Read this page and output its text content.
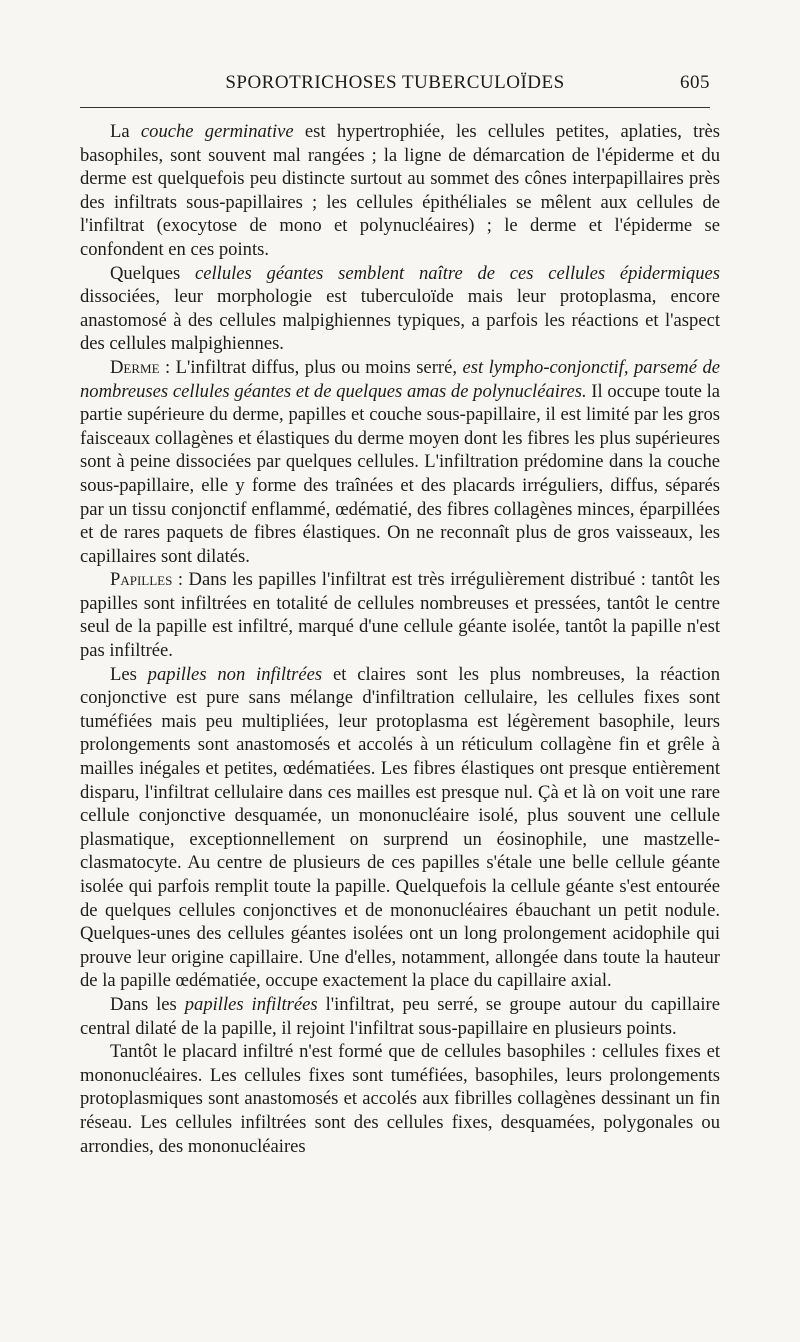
SPOROTRICHOSES TUBERCULOÏDES	605

La couche germinative est hypertrophiée, les cellules petites, aplaties, très basophiles, sont souvent mal rangées ; la ligne de démarcation de l'épiderme et du derme est quelquefois peu distincte surtout au sommet des cônes interpapillaires près des infiltrats sous-papillaires ; les cellules épithéliales se mêlent aux cellules de l'infiltrat (exocytose de mono et polynucléaires) ; le derme et l'épiderme se confondent en ces points.

Quelques cellules géantes semblent naître de ces cellules épidermiques dissociées, leur morphologie est tuberculoïde mais leur protoplasma, encore anastomosé à des cellules malpighiennes typiques, a parfois les réactions et l'aspect des cellules malpighiennes.

Derme : L'infiltrat diffus, plus ou moins serré, est lympho-conjonctif, parsemé de nombreuses cellules géantes et de quelques amas de polynucléaires. Il occupe toute la partie supérieure du derme, papilles et couche sous-papillaire, il est limité par les gros faisceaux collagènes et élastiques du derme moyen dont les fibres les plus supérieures sont à peine dissociées par quelques cellules. L'infiltration prédomine dans la couche sous-papillaire, elle y forme des traînées et des placards irréguliers, diffus, séparés par un tissu conjonctif enflammé, œdématié, des fibres collagènes minces, éparpillées et de rares paquets de fibres élastiques. On ne reconnaît plus de gros vaisseaux, les capillaires sont dilatés.

Papilles : Dans les papilles l'infiltrat est très irrégulièrement distribué : tantôt les papilles sont infiltrées en totalité de cellules nombreuses et pressées, tantôt le centre seul de la papille est infiltré, marqué d'une cellule géante isolée, tantôt la papille n'est pas infiltrée.

Les papilles non infiltrées et claires sont les plus nombreuses, la réaction conjonctive est pure sans mélange d'infiltration cellulaire, les cellules fixes sont tuméfiées mais peu multipliées, leur protoplasma est légèrement basophile, leurs prolongements sont anastomosés et accolés à un réticulum collagène fin et grêle à mailles inégales et petites, œdématiées. Les fibres élastiques ont presque entièrement disparu, l'infiltrat cellulaire dans ces mailles est presque nul. Çà et là on voit une rare cellule conjonctive desquamée, un mononucléaire isolé, plus souvent une cellule plasmatique, exceptionnellement on surprend un éosinophile, une mastzelle-clasmatocyte. Au centre de plusieurs de ces papilles s'étale une belle cellule géante isolée qui parfois remplit toute la papille. Quelquefois la cellule géante s'est entourée de quelques cellules conjonctives et de mononucléaires ébauchant un petit nodule. Quelques-unes des cellules géantes isolées ont un long prolongement acidophile qui prouve leur origine capillaire. Une d'elles, notamment, allongée dans toute la hauteur de la papille œdématiée, occupe exactement la place du capillaire axial.

Dans les papilles infiltrées l'infiltrat, peu serré, se groupe autour du capillaire central dilaté de la papille, il rejoint l'infiltrat sous-papillaire en plusieurs points.

Tantôt le placard infiltré n'est formé que de cellules basophiles : cellules fixes et mononucléaires. Les cellules fixes sont tuméfiées, basophiles, leurs prolongements protoplasmiques sont anastomosés et accolés aux fibrilles collagènes dessinant un fin réseau. Les cellules infiltrées sont des cellules fixes, desquamées, polygonales ou arrondies, des mononucléaires
